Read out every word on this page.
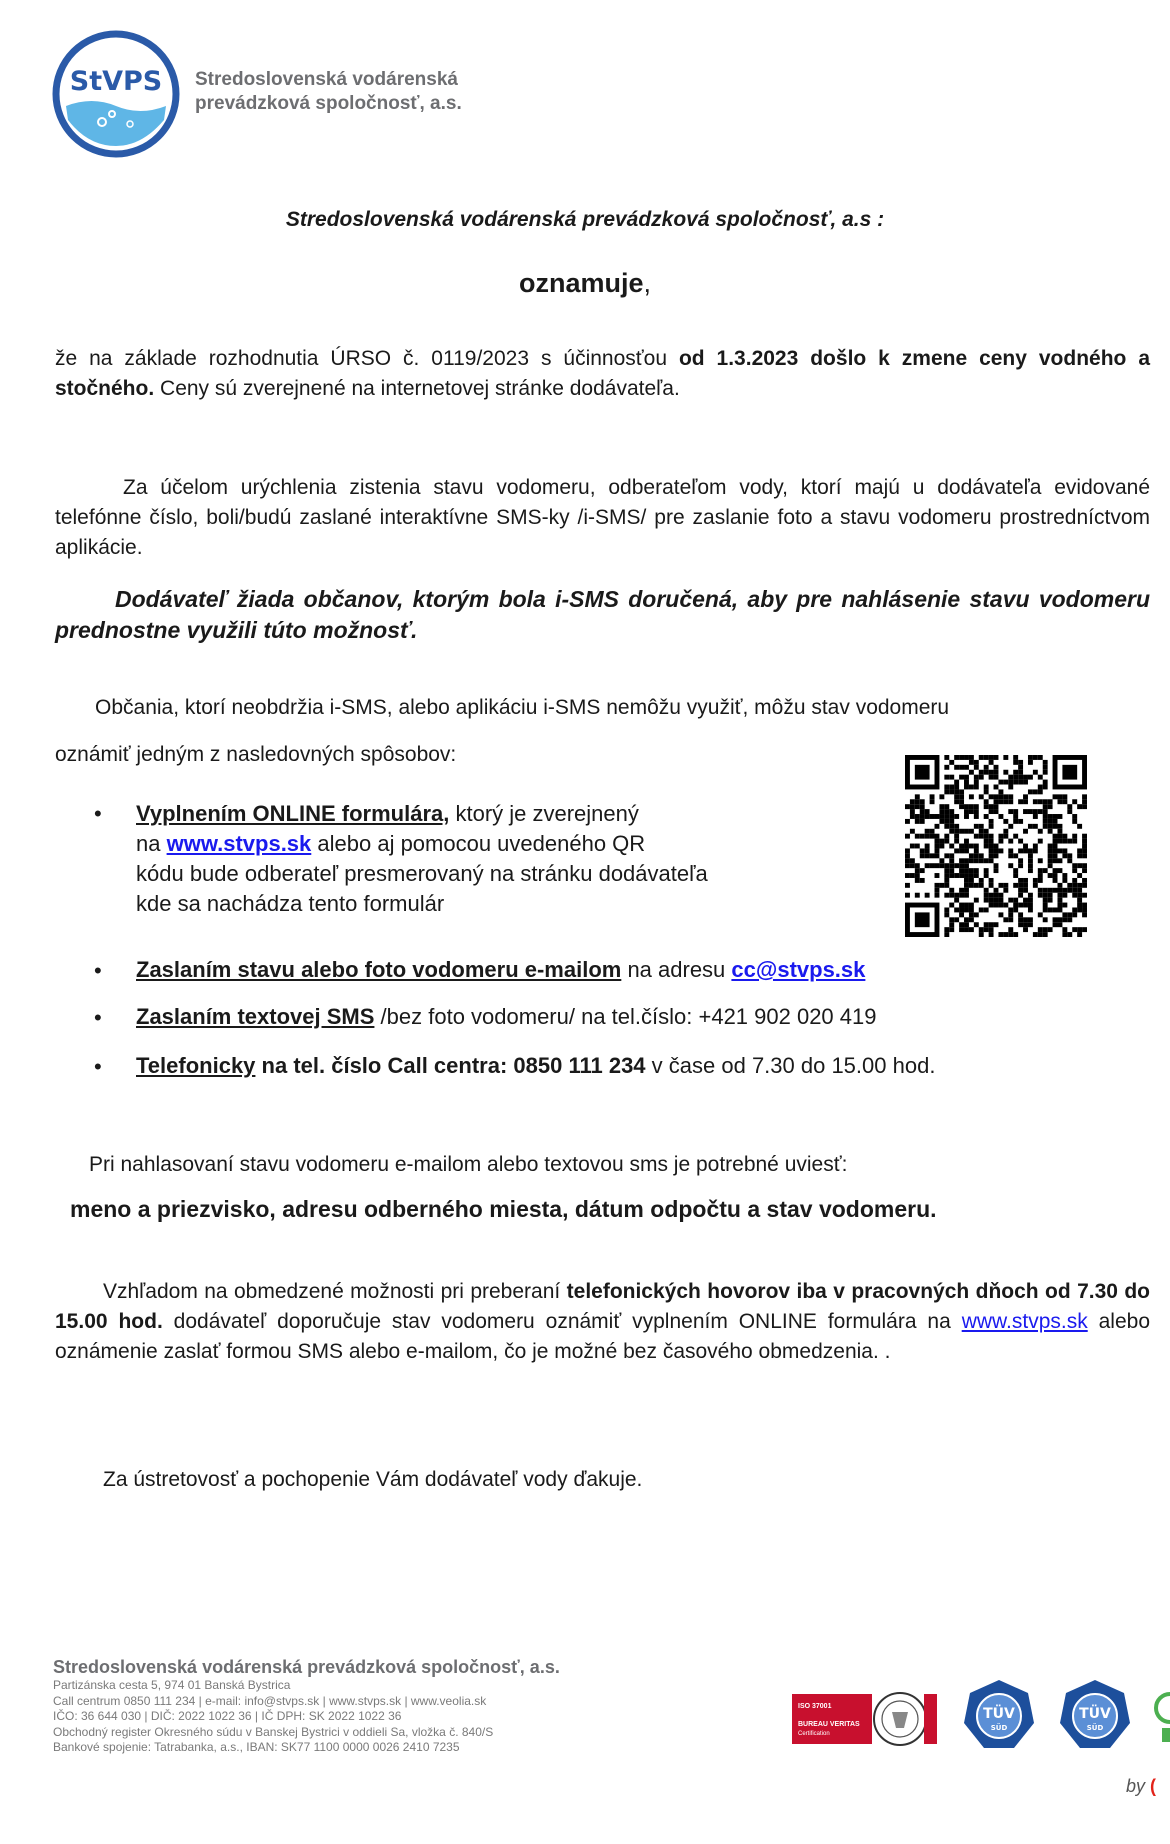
StVPS Stredoslovenská vodárenská
prevádzková spoločnosť, a.s.
Stredoslovenská vodárenská prevádzková spoločnosť, a.s :
oznamuje,
že na základe rozhodnutia ÚRSO č. 0119/2023 s účinnosťou od 1.3.2023 došlo k zmene ceny vodného a stočného. Ceny sú zverejnené na internetovej stránke dodávateľa.
Za účelom urýchlenia zistenia stavu vodomeru, odberateľom vody, ktorí majú u dodávateľa evidované telefónne číslo, boli/budú zaslané interaktívne SMS-ky /i-SMS/ pre zaslanie foto a stavu vodomeru prostredníctvom aplikácie.
Dodávateľ žiada občanov, ktorým bola i-SMS doručená, aby pre nahlásenie stavu vodomeru prednostne využili túto možnosť.
Občania, ktorí neobdržia i-SMS, alebo aplikáciu i-SMS nemôžu využiť, môžu stav vodomeru
oznámiť jedným z nasledovných spôsobov:
• Vyplnením ONLINE formulára, ktorý je zverejnený
na www.stvps.sk alebo aj pomocou uvedeného QR
kódu bude odberateľ presmerovaný na stránku dodávateľa
kde sa nachádza tento formulár
• Zaslaním stavu alebo foto vodomeru e-mailom na adresu cc@stvps.sk
• Zaslaním textovej SMS /bez foto vodomeru/ na tel.číslo: +421 902 020 419
• Telefonicky na tel. číslo Call centra: 0850 111 234 v čase od 7.30 do 15.00 hod.
Pri nahlasovaní stavu vodomeru e-mailom alebo textovou sms je potrebné uviesť:
meno a priezvisko, adresu odberného miesta, dátum odpočtu a stav vodomeru.
Vzhľadom na obmedzené možnosti pri preberaní telefonických hovorov iba v pracovných dňoch od 7.30 do 15.00 hod. dodávateľ doporučuje stav vodomeru oznámiť vyplnením ONLINE formulára na www.stvps.sk alebo oznámenie zaslať formou SMS alebo e-mailom, čo je možné bez časového obmedzenia. .
Za ústretovosť a pochopenie Vám dodávateľ vody ďakuje.
Stredoslovenská vodárenská prevádzková spoločnosť, a.s.
Partizánska cesta 5, 974 01 Banská Bystrica
Call centrum 0850 111 234 | e-mail: info@stvps.sk | www.stvps.sk | www.veolia.sk
IČO: 36 644 030 | DIČ: 2022 1022 36 | IČ DPH: SK 2022 1022 36
Obchodný register Okresného súdu v Banskej Bystrici v oddieli Sa, vložka č. 840/S
Bankové spojenie: Tatrabanka, a.s., IBAN: SK77 1100 0000 0026 2410 7235
ISO 37001
BUREAU VERITAS
Certification
TÜV
SÜD
TÜV
SÜD
by (
